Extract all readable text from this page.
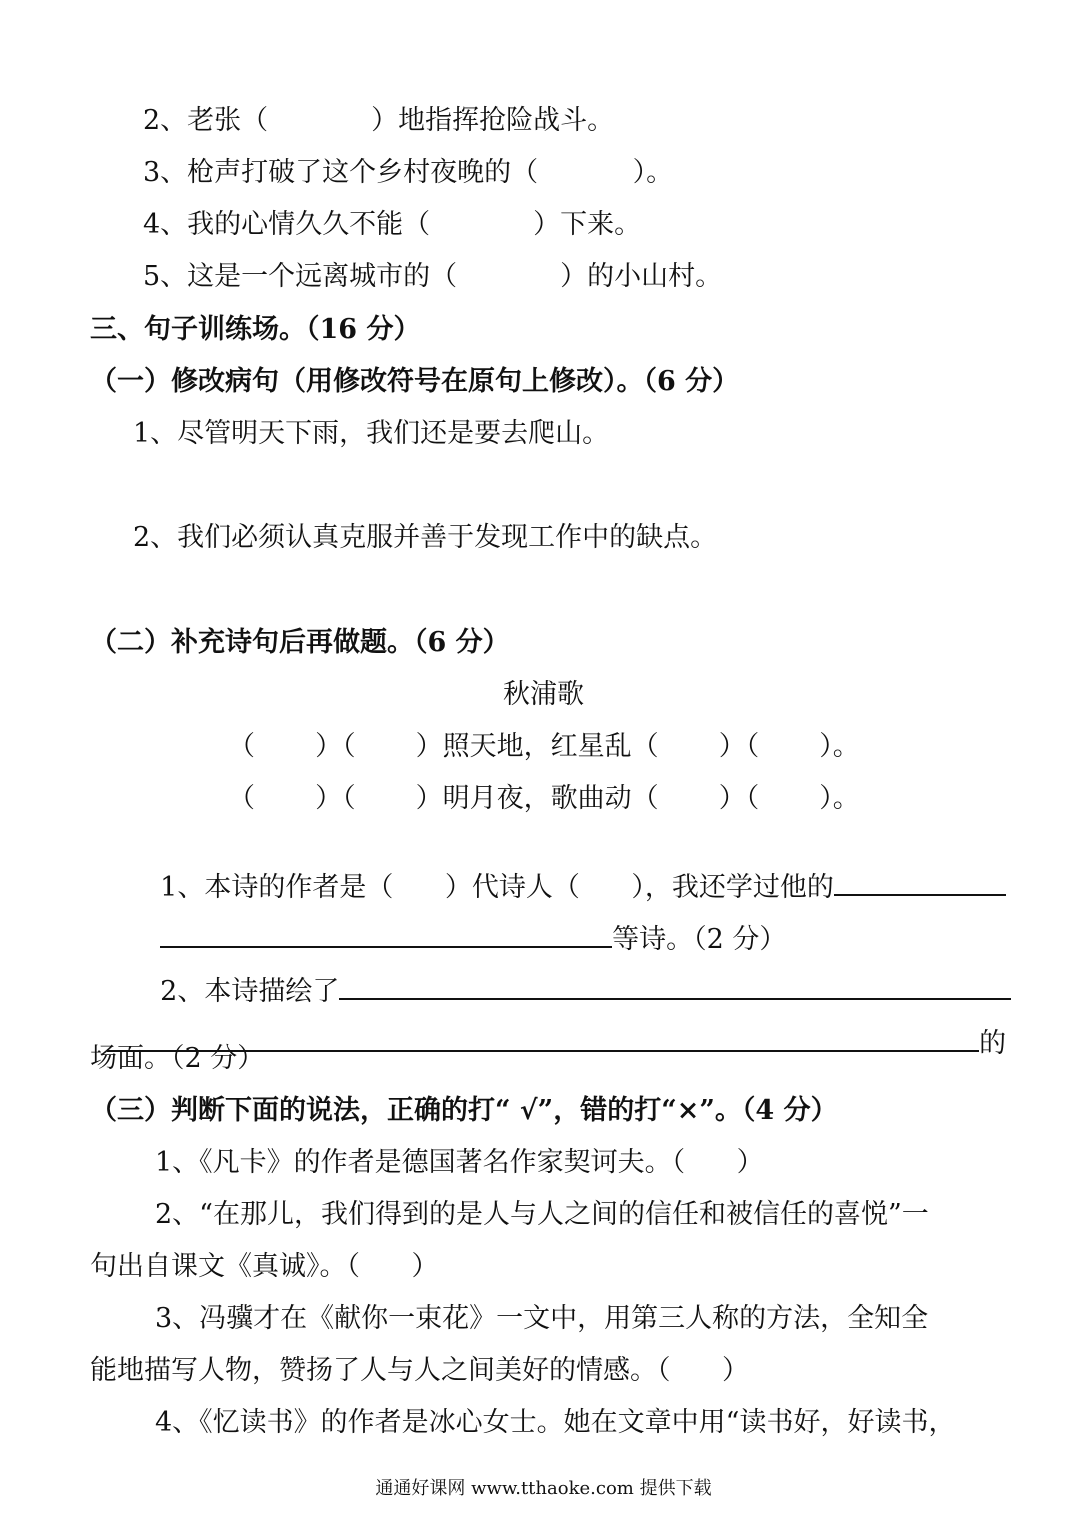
2、老张（            ）地指挥抢险战斗。
3、枪声打破了这个乡村夜晚的（           ）。
4、我的心情久久不能（            ）下来。
5、这是一个远离城市的（            ）的小山村。
三、句子训练场。（16 分）
（一）修改病句（用修改符号在原句上修改）。（6 分）
1、尽管明天下雨，我们还是要去爬山。
2、我们必须认真克服并善于发现工作中的缺点。
（二）补充诗句后再做题。（6 分）
秋浦歌
（       ）（       ）照天地，红星乱（       ）（       ）。
（       ）（       ）明月夜，歌曲动（       ）（       ）。

1、本诗的作者是（      ）代诗人（      ），我还学过他的

等诗。（2 分）

2、本诗描绘了

的

场面。（2 分）
（三）判断下面的说法，正确的打“ √”，错的打“×”。（4 分）
1、《凡卡》的作者是德国著名作家契诃夫。（      ）
2、“在那儿，我们得到的是人与人之间的信任和被信任的喜悦”一
句出自课文《真诚》。（      ）
3、冯骥才在《献你一束花》一文中，用第三人称的方法，全知全
能地描写人物，赞扬了人与人之间美好的情感。（      ）
4、《忆读书》的作者是冰心女士。她在文章中用“读书好，好读书，
通通好课网 www.tthaoke.com 提供下载
